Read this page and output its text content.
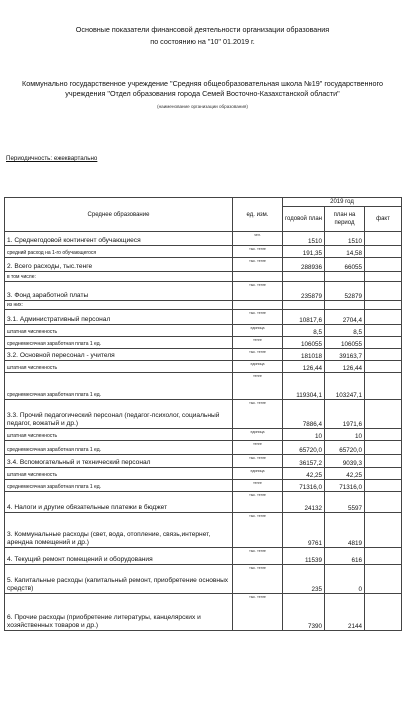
Основные показатели финансовой деятельности организации образования
по состоянию на "10" 01.2019 г.
Коммунально государственное учреждение "Средняя общеобразовательная школа №19" государственного
учреждения "Отдел образования города Семей Восточно-Казахстанской области"
(наименование организации образования)
Периодичность: ежеквартально
Среднее образование	ед. изм.	2019 год		
		годовой план	план на период	факт
1. Среднегодовой контингент обучающиеся	чел.	1510	1510	
средний расход на 1-го обучающегося	тыс. тенге	191,35	14,58	
2. Всего расходы, тыс.тенге	тыс. тенге	288936	66055	
в том числе:				
3. Фонд заработной платы	тыс. тенге	235879	52879	
из них:				
3.1. Административный персонал	тыс. тенге	10817,6	2704,4	
штатная численность	единица	8,5	8,5	
среднемесячная заработная плата 1 ед.	тенге	106055	106055	
3.2. Основной пересонал - учителя	тыс. тенге	181018	39163,7	
штатная численность	единица	126,44	126,44	
среднемесячная заработная плата 1 ед.	тенге	119304,1	103247,1	
3.3. Прочий педагогический персонал (педагог-психолог, социальный педагог, вожатый и др.)	тыс. тенге	7886,4	1971,6	
штатная численность	единица	10	10	
среднемесячная заработная плата 1 ед.	тенге	65720,0	65720,0	
3.4. Вспомогательный и технический персонал	тыс. тенге	36157,2	9039,3	
штатная численность	единица	42,25	42,25	
среднемесячная заработная плата 1 ед.	тенге	71316,0	71316,0	
4. Налоги и другие обязательные платежи в бюджет	тыс. тенге	24132	5597	
3. Коммунальные расходы (свет, вода, отопление, связь,интернет, арендна помещений и др.)	тыс. тенге	9761	4819	
4. Текущий ремонт помещений и оборудования	тыс. тенге	11539	616	
5. Капитальные расходы (капитальный ремонт, приобретение основных средств)	тыс. тенге	235	0	
6. Прочие расходы (приобретение литературы, канцелярских и хозяйственных товаров и др.)	тыс. тенге	7390	2144	
